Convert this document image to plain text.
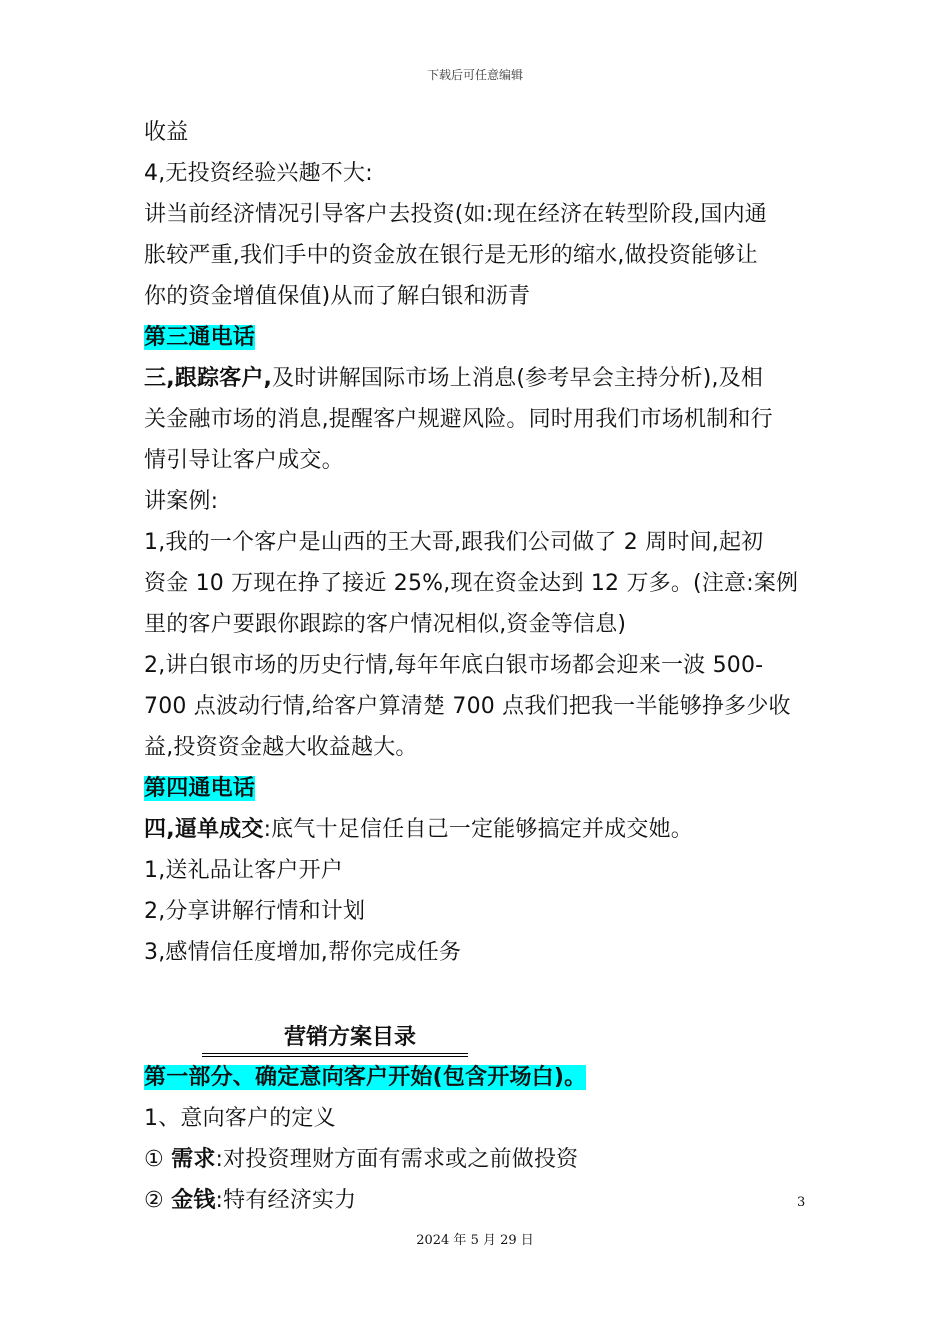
下载后可任意编辑
收益
4,无投资经验兴趣不大:
讲当前经济情况引导客户去投资(如:现在经济在转型阶段,国内通
胀较严重,我们手中的资金放在银行是无形的缩水,做投资能够让
你的资金增值保值)从而了解白银和沥青
第三通电话
三,跟踪客户,及时讲解国际市场上消息(参考早会主持分析),及相
关金融市场的消息,提醒客户规避风险。同时用我们市场机制和行
情引导让客户成交。
讲案例:
1,我的一个客户是山西的王大哥,跟我们公司做了 2 周时间,起初
资金 10 万现在挣了接近 25%,现在资金达到 12 万多。(注意:案例
里的客户要跟你跟踪的客户情况相似,资金等信息)
2,讲白银市场的历史行情,每年年底白银市场都会迎来一波 500-
700 点波动行情,给客户算清楚 700 点我们把我一半能够挣多少收
益,投资资金越大收益越大。
第四通电话
四,逼单成交:底气十足信任自己一定能够搞定并成交她。
1,送礼品让客户开户
2,分享讲解行情和计划
3,感情信任度增加,帮你完成任务
营销方案目录
第一部分、确定意向客户开始(包含开场白)。
1、意向客户的定义
① 需求:对投资理财方面有需求或之前做投资
② 金钱:特有经济实力	3
2024 年 5 月 29 日
